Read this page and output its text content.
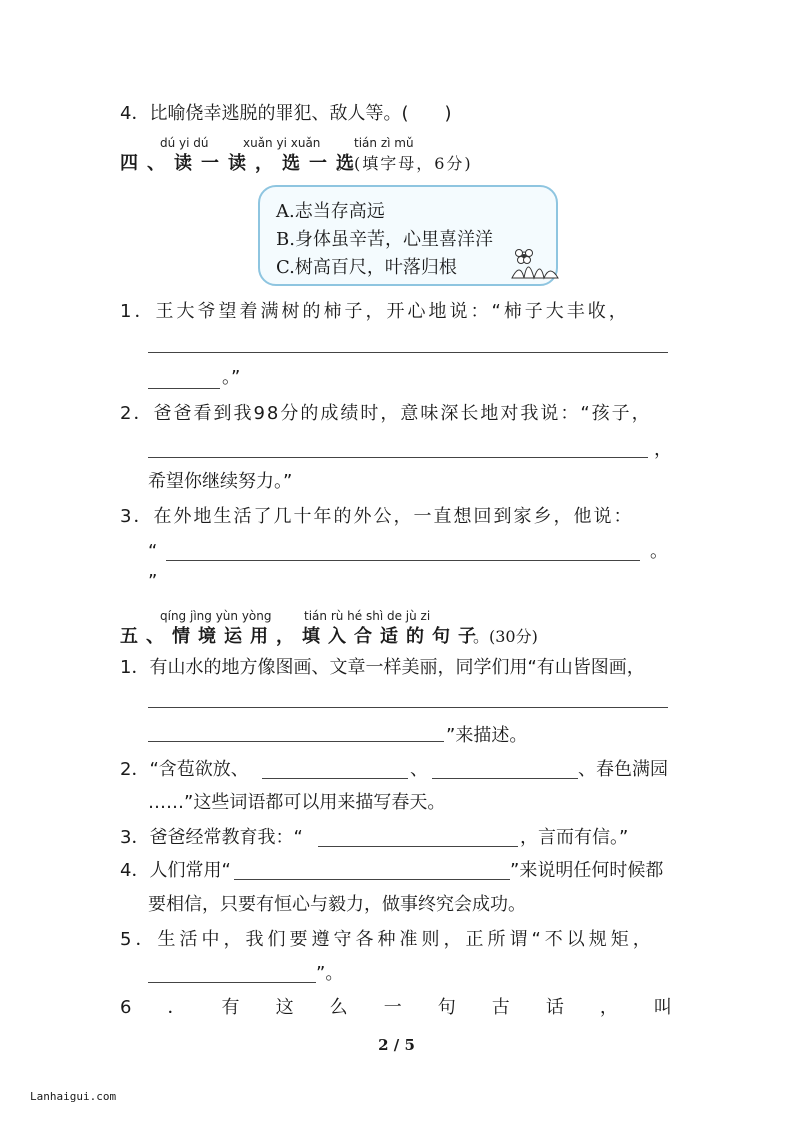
4．比喻侥幸逃脱的罪犯、敌人等。(　　)
dú yi dú	xuǎn yi xuǎn	tián zì mǔ
四、读一读，选一选
。(填字母，6分)
A.志当存高远
B.身体虽辛苦，心里喜洋洋
C.树高百尺，叶落归根
1．王大爷望着满树的柿子，开心地说：“柿子大丰收，
。”
2．爸爸看到我98分的成绩时，意味深长地对我说：“孩子，
，
希望你继续努力。”
3．在外地生活了几十年的外公，一直想回到家乡，他说：
“	。
”
qíng jìng yùn yòng	tián rù hé shì de jù zi
五、情境运用，填入合适的句子
。(30分)
1．有山水的地方像图画、文章一样美丽，同学们用“有山皆图画，
”来描述。
2．“含苞欲放、	、	、春色满园
……”这些词语都可以用来描写春天。
3．爸爸经常教育我：“	，言而有信。”
4．人们常用“	”来说明任何时候都
要相信，只要有恒心与毅力，做事终究会成功。
5．生活中，我们要遵守各种准则，正所谓“不以规矩，
”。
6 ． 有 这 么 一 句 古 话 ， 叫
2 / 5
Lanhaigui.com
